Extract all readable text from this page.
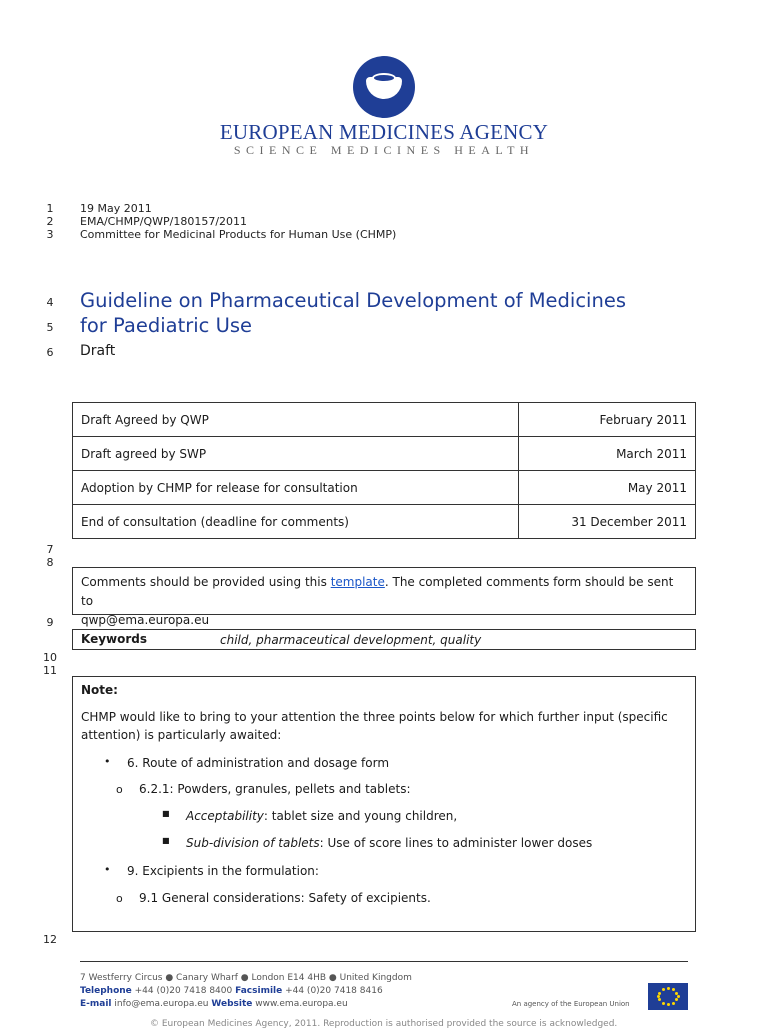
EUROPEAN MEDICINES AGENCY
SCIENCE MEDICINES HEALTH
1
2
3
4
5
6
7
8
9
10
11
12
19 May 2011
EMA/CHMP/QWP/180157/2011
Committee for Medicinal Products for Human Use (CHMP)
Guideline on Pharmaceutical Development of Medicines
for Paediatric Use
Draft
Draft Agreed by QWP	February 2011
Draft agreed by SWP	March 2011
Adoption by CHMP for release for consultation	May 2011
End of consultation (deadline for comments)	31 December 2011
Comments should be provided using this template. The completed comments form should be sent to
qwp@ema.europa.eu
Keywords	child, pharmaceutical development, quality
Note:
CHMP would like to bring to your attention the three points below for which further input (specific
attention) is particularly awaited:
• 6. Route of administration and dosage form
o 6.2.1: Powders, granules, pellets and tablets:
■ Acceptability: tablet size and young children,
■ Sub-division of tablets: Use of score lines to administer lower doses
• 9. Excipients in the formulation:
o 9.1 General considerations: Safety of excipients.
7 Westferry Circus ● Canary Wharf ● London E14 4HB ● United Kingdom
Telephone +44 (0)20 7418 8400 Facsimile +44 (0)20 7418 8416
E-mail info@ema.europa.eu Website www.ema.europa.eu	An agency of the European Union
© European Medicines Agency, 2011. Reproduction is authorised provided the source is acknowledged.
